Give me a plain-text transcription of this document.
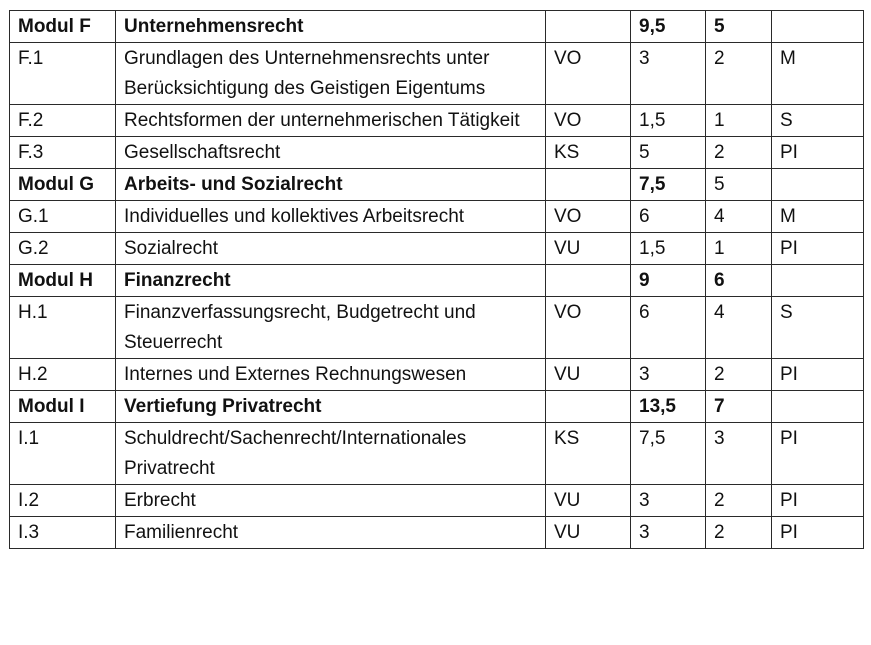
Modul F	Unternehmensrecht		9,5	5	
F.1	Grundlagen des Unternehmensrechts unter Berücksichtigung des Geistigen Eigentums	VO	3	2	M
F.2	Rechtsformen der unternehmerischen Tätigkeit	VO	1,5	1	S
F.3	Gesellschaftsrecht	KS	5	2	PI
Modul G	Arbeits- und Sozialrecht		7,5	5	
G.1	Individuelles und kollektives Arbeitsrecht	VO	6	4	M
G.2	Sozialrecht	VU	1,5	1	PI
Modul H	Finanzrecht		9	6	
H.1	Finanzverfassungsrecht, Budgetrecht und Steuerrecht	VO	6	4	S
H.2	Internes und Externes Rechnungswesen	VU	3	2	PI
Modul I	Vertiefung Privatrecht		13,5	7	
I.1	Schuldrecht/Sachenrecht/Internationales Privatrecht	KS	7,5	3	PI
I.2	Erbrecht	VU	3	2	PI
I.3	Familienrecht	VU	3	2	PI
